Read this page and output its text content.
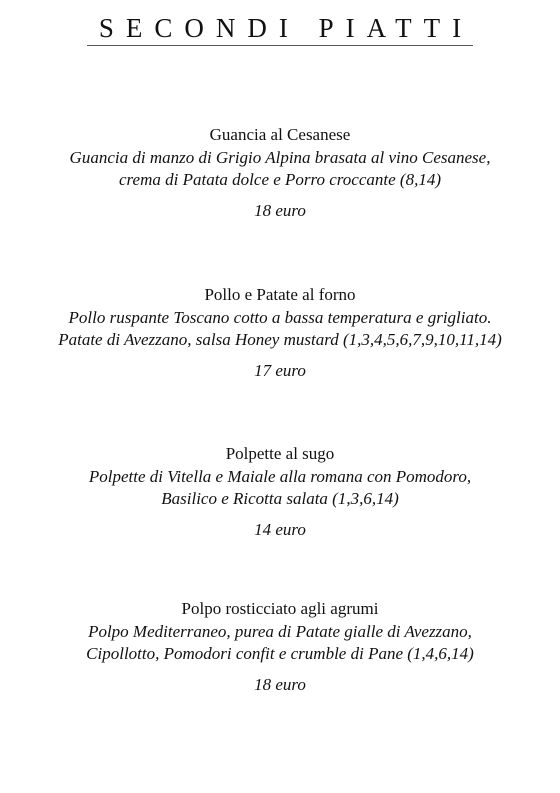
SECONDI PIATTI
Guancia al Cesanese
Guancia di manzo di Grigio Alpina brasata al vino Cesanese,
crema di Patata dolce e Porro croccante (8,14)
18 euro
Pollo e Patate al forno
Pollo ruspante Toscano cotto a bassa temperatura e grigliato.
Patate di Avezzano, salsa Honey mustard (1,3,4,5,6,7,9,10,11,14)
17 euro
Polpette al sugo
Polpette di Vitella e Maiale alla romana con Pomodoro,
Basilico e Ricotta salata (1,3,6,14)
14 euro
Polpo rosticciato agli agrumi
Polpo Mediterraneo, purea di Patate gialle di Avezzano,
Cipollotto, Pomodori confit e crumble di Pane (1,4,6,14)
18 euro
